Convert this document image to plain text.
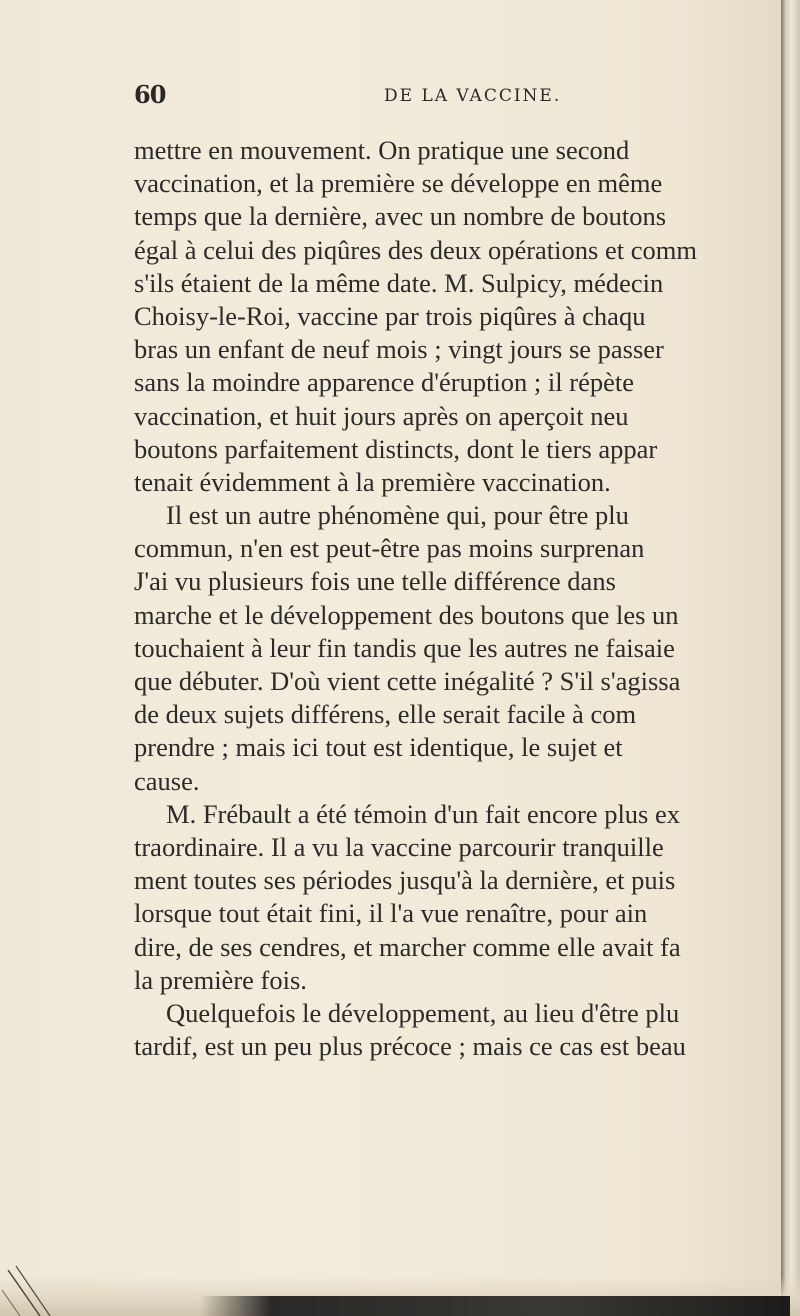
60	DE LA VACCINE.
mettre en mouvement. On pratique une second
vaccination, et la première se développe en même
temps que la dernière, avec un nombre de boutons
égal à celui des piqûres des deux opérations et comm
s'ils étaient de la même date. M. Sulpicy, médecin
Choisy-le-Roi, vaccine par trois piqûres à chaqu
bras un enfant de neuf mois ; vingt jours se passer
sans la moindre apparence d'éruption ; il répète
vaccination, et huit jours après on aperçoit neu
boutons parfaitement distincts, dont le tiers appar
tenait évidemment à la première vaccination.
Il est un autre phénomène qui, pour être plu
commun, n'en est peut-être pas moins surprenan
J'ai vu plusieurs fois une telle différence dans
marche et le développement des boutons que les un
touchaient à leur fin tandis que les autres ne faisaie
que débuter. D'où vient cette inégalité ? S'il s'agissa
de deux sujets différens, elle serait facile à com
prendre ; mais ici tout est identique, le sujet et
cause.
M. Frébault a été témoin d'un fait encore plus ex
traordinaire. Il a vu la vaccine parcourir tranquille
ment toutes ses périodes jusqu'à la dernière, et puis
lorsque tout était fini, il l'a vue renaître, pour ain
dire, de ses cendres, et marcher comme elle avait fa
la première fois.
Quelquefois le développement, au lieu d'être plu
tardif, est un peu plus précoce ; mais ce cas est beau
